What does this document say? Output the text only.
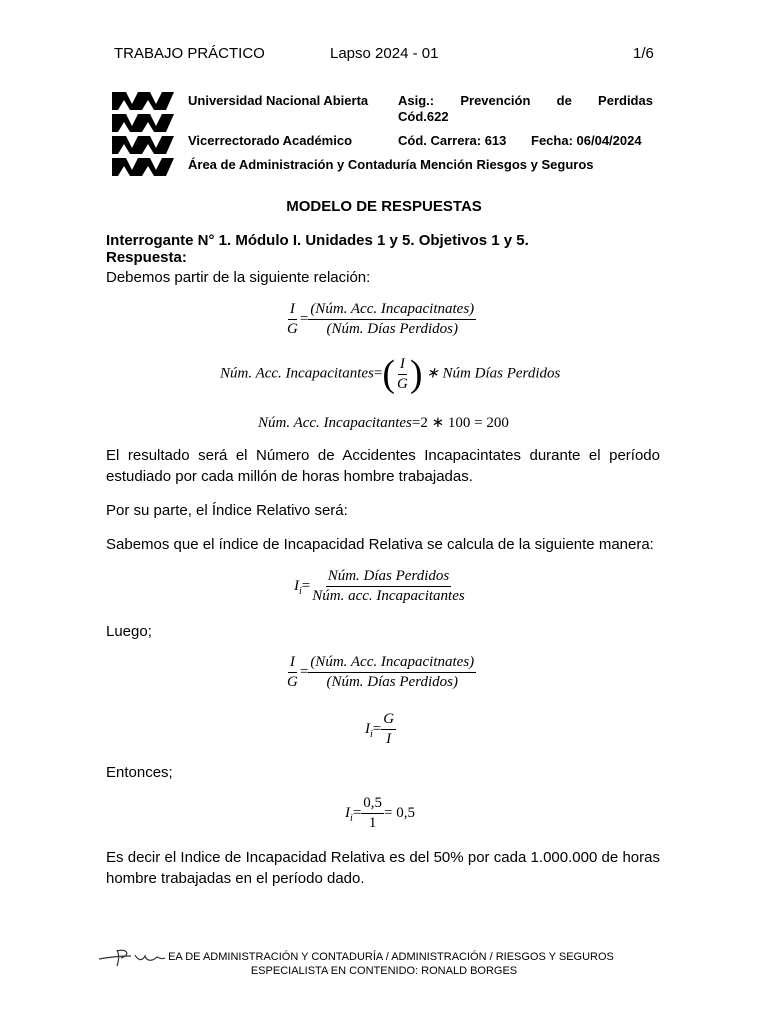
TRABAJO PRÁCTICO	Lapso 2024 - 01	1/6
Universidad Nacional Abierta Asig.: Prevención de Perdidas
Cód.622
Vicerrectorado Académico	Cód. Carrera: 613 Fecha: 06/04/2024
Área de Administración y Contaduría Mención Riesgos y Seguros
MODELO DE RESPUESTAS
Interrogante N° 1. Módulo I. Unidades 1 y 5. Objetivos 1 y 5.
Respuesta:
Debemos partir de la siguiente relación:
$\frac{I}{G} = \frac{\text{(Núm. Acc. Incapacitnates)}}{\text{(Núm. Días Perdidos)}}$
Núm. Acc. Incapacitantes=( $\frac{I}{G}$ ) ∗ Núm Días Perdidos
Núm. Acc. Incapacitantes=2 ∗ 100 = 200
El resultado será el Número de Accidentes Incapacintates durante el período estudiado por cada millón de horas hombre trabajadas.
Por su parte, el Índice Relativo será:
Sabemos que el índice de Incapacidad Relativa se calcula de la siguiente manera:
$I_i= \frac{\text{Núm. Días Perdidos}}{\text{Núm. acc. Incapacitantes}}$
Luego;
$\frac{I}{G} = \frac{\text{(Núm. Acc. Incapacitnates)}}{\text{(Núm. Días Perdidos)}}$
$I_i= \frac{G}{I}$
Entonces;
$I_i= \frac{0,5}{1} = 0,5$
Es decir el Indice de Incapacidad Relativa es del 50% por cada 1.000.000 de horas hombre trabajadas en el período dado.
EA DE ADMINISTRACIÓN Y CONTADURÍA / ADMINISTRACIÓN / RIESGOS Y SEGUROS
ESPECIALISTA EN CONTENIDO: RONALD BORGES
